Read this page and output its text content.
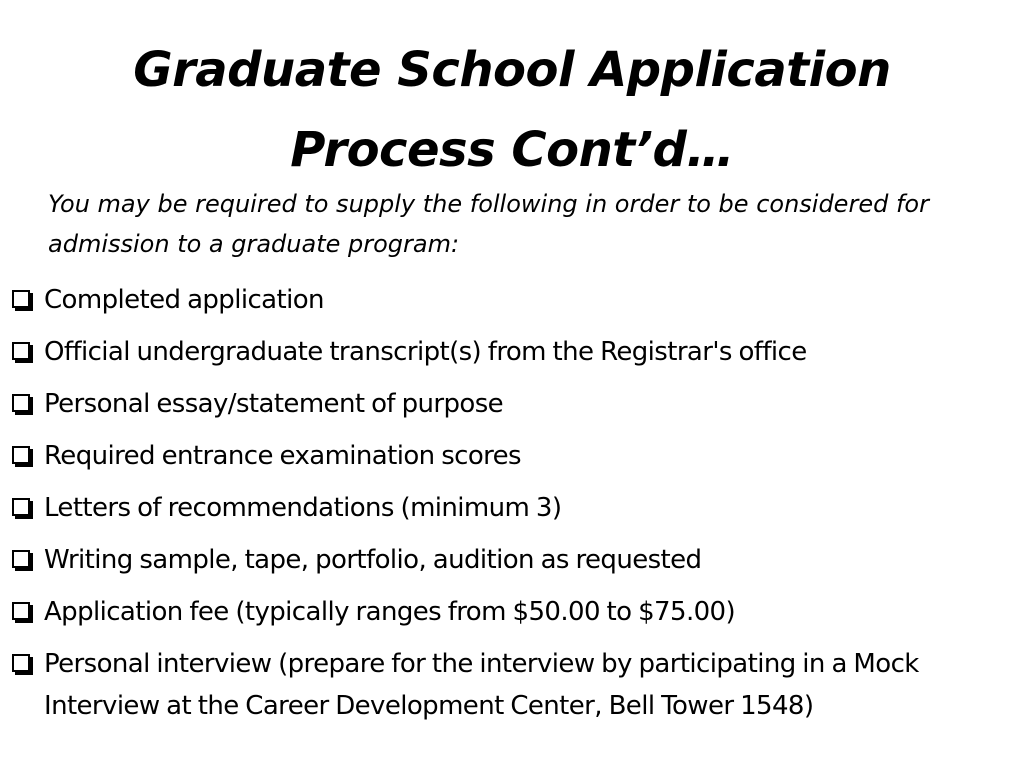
Graduate School Application
Process Cont’d…

You may be required to supply the following in order to be considered for admission to a graduate program:

Completed application
Official undergraduate transcript(s) from the Registrar's office
Personal essay/statement of purpose
Required entrance examination scores
Letters of recommendations (minimum 3)
Writing sample, tape, portfolio, audition as requested
Application fee (typically ranges from $50.00 to $75.00)
Personal interview (prepare for the interview by participating in a Mock Interview at the Career Development Center, Bell Tower 1548)
